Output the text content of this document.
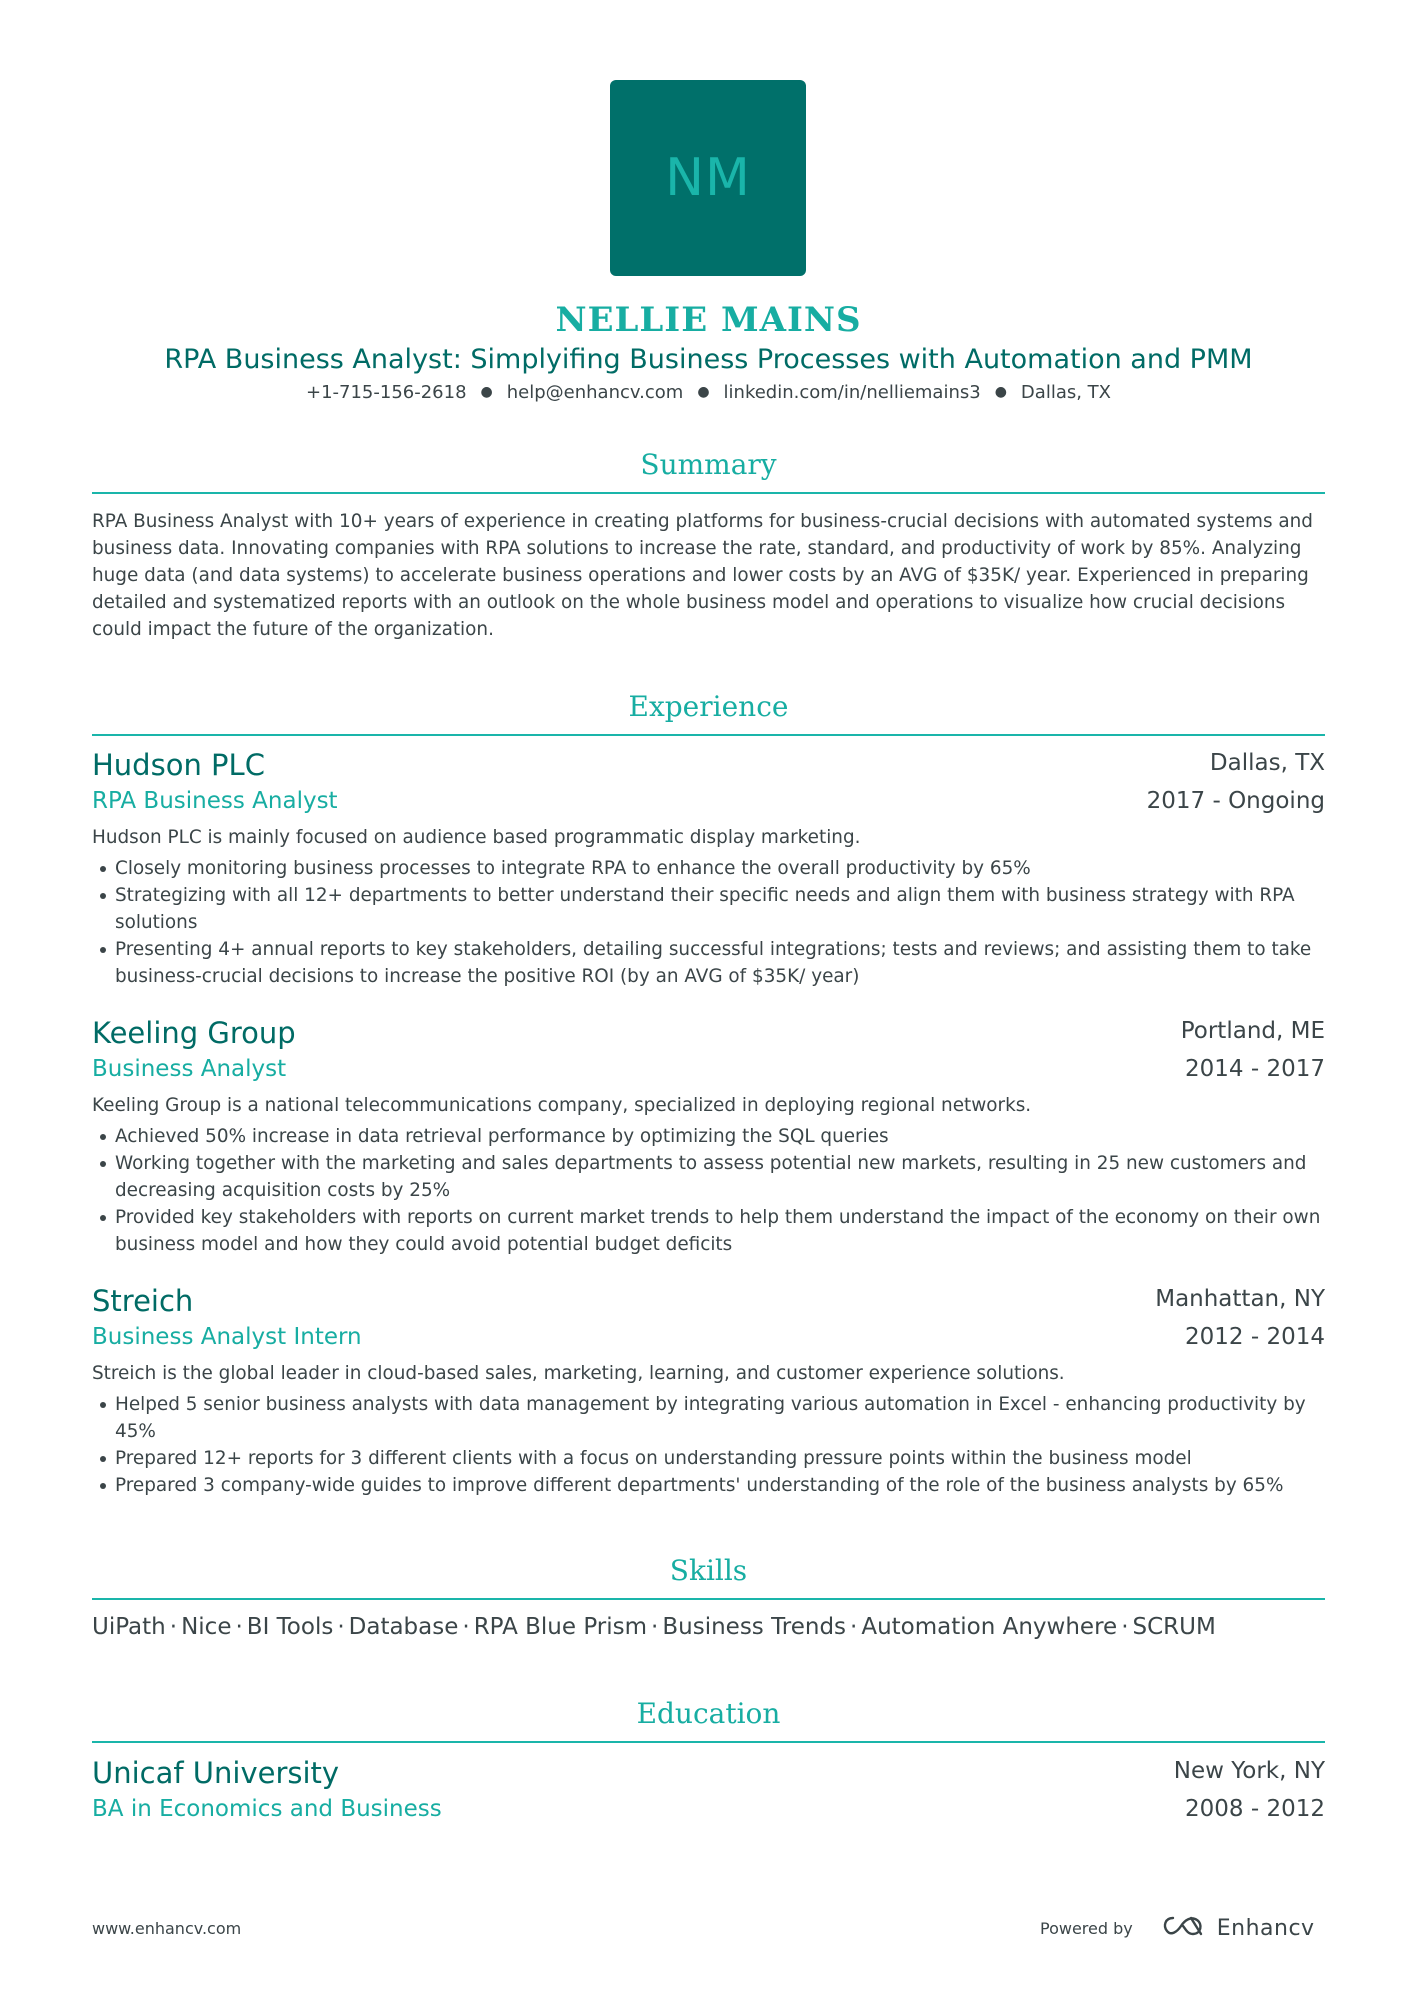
NM
NELLIE MAINS
RPA Business Analyst: Simplyifing Business Processes with Automation and PMM
+1-715-156-2618 ● help@enhancv.com ● linkedin.com/in/nelliemains3 ● Dallas, TX
Summary
RPA Business Analyst with 10+ years of experience in creating platforms for business-crucial decisions with automated systems and business data. Innovating companies with RPA solutions to increase the rate, standard, and productivity of work by 85%. Analyzing huge data (and data systems) to accelerate business operations and lower costs by an AVG of $35K/ year. Experienced in preparing detailed and systematized reports with an outlook on the whole business model and operations to visualize how crucial decisions could impact the future of the organization.
Experience
Hudson PLC	Dallas, TX
RPA Business Analyst	2017 - Ongoing
Hudson PLC is mainly focused on audience based programmatic display marketing.
Closely monitoring business processes to integrate RPA to enhance the overall productivity by 65%
Strategizing with all 12+ departments to better understand their specific needs and align them with business strategy with RPA solutions
Presenting 4+ annual reports to key stakeholders, detailing successful integrations; tests and reviews; and assisting them to take business-crucial decisions to increase the positive ROI (by an AVG of $35K/ year)
Keeling Group	Portland, ME
Business Analyst	2014 - 2017
Keeling Group is a national telecommunications company, specialized in deploying regional networks.
Achieved 50% increase in data retrieval performance by optimizing the SQL queries
Working together with the marketing and sales departments to assess potential new markets, resulting in 25 new customers and decreasing acquisition costs by 25%
Provided key stakeholders with reports on current market trends to help them understand the impact of the economy on their own business model and how they could avoid potential budget deficits
Streich	Manhattan, NY
Business Analyst Intern	2012 - 2014
Streich is the global leader in cloud-based sales, marketing, learning, and customer experience solutions.
Helped 5 senior business analysts with data management by integrating various automation in Excel - enhancing productivity by 45%
Prepared 12+ reports for 3 different clients with a focus on understanding pressure points within the business model
Prepared 3 company-wide guides to improve different departments' understanding of the role of the business analysts by 65%
Skills
UiPath · Nice · BI Tools · Database · RPA Blue Prism · Business Trends · Automation Anywhere · SCRUM
Education
Unicaf University	New York, NY
BA in Economics and Business	2008 - 2012
www.enhancv.com	Powered by	Enhancv
